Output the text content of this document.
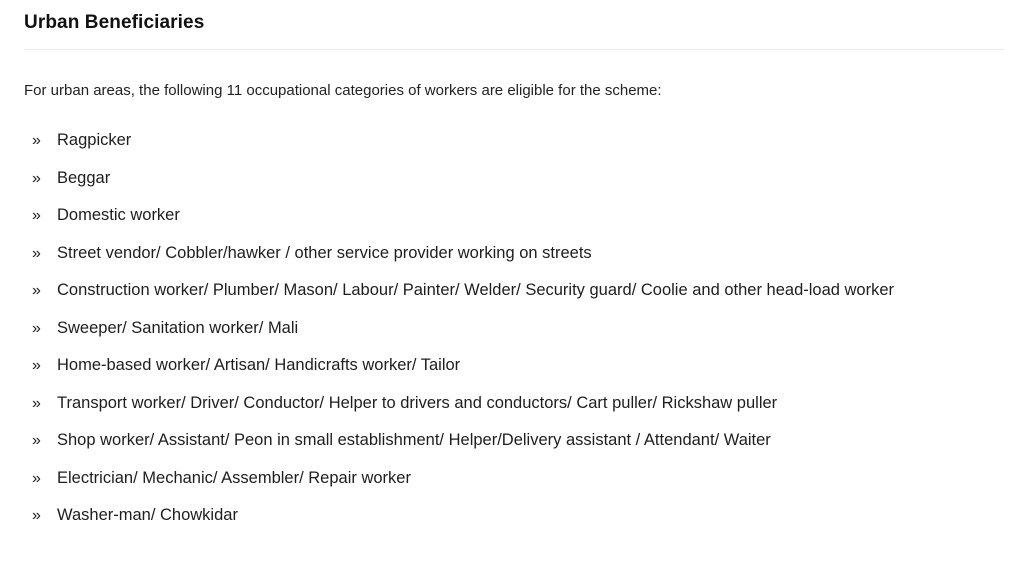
Urban Beneficiaries

For urban areas, the following 11 occupational categories of workers are eligible for the scheme:

» Ragpicker
» Beggar
» Domestic worker
» Street vendor/ Cobbler/hawker / other service provider working on streets
» Construction worker/ Plumber/ Mason/ Labour/ Painter/ Welder/ Security guard/ Coolie and other head-load worker
» Sweeper/ Sanitation worker/ Mali
» Home-based worker/ Artisan/ Handicrafts worker/ Tailor
» Transport worker/ Driver/ Conductor/ Helper to drivers and conductors/ Cart puller/ Rickshaw puller
» Shop worker/ Assistant/ Peon in small establishment/ Helper/Delivery assistant / Attendant/ Waiter
» Electrician/ Mechanic/ Assembler/ Repair worker
» Washer-man/ Chowkidar
